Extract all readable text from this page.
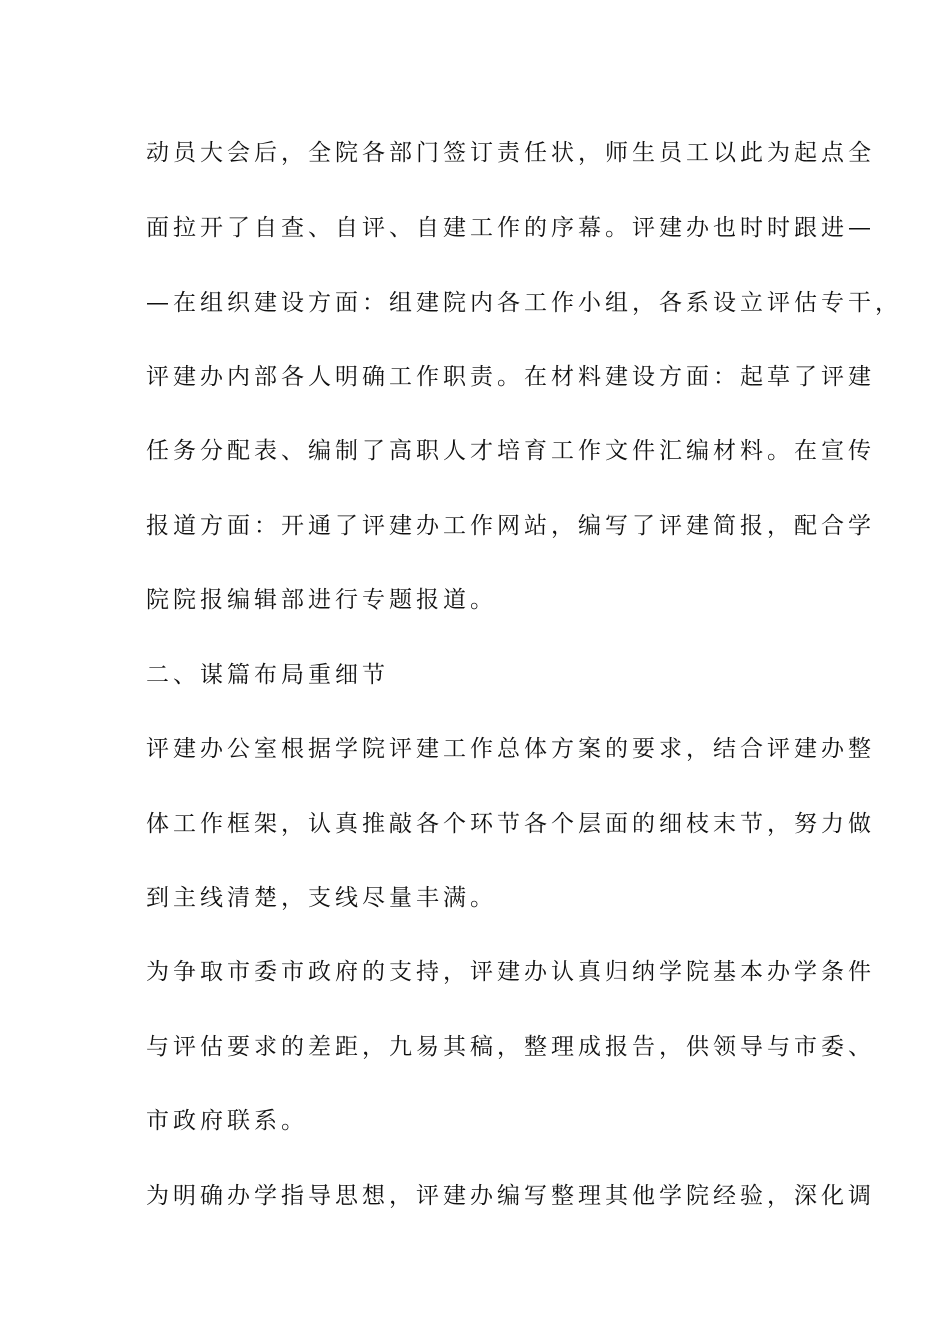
动员大会后，全院各部门签订责任状，师生员工以此为起点全
面拉开了自查、自评、自建工作的序幕。评建办也时时跟进—
—在组织建设方面：组建院内各工作小组，各系设立评估专干，
评建办内部各人明确工作职责。在材料建设方面：起草了评建
任务分配表、编制了高职人才培育工作文件汇编材料。在宣传
报道方面：开通了评建办工作网站，编写了评建简报，配合学
院院报编辑部进行专题报道。
二、谋篇布局重细节
评建办公室根据学院评建工作总体方案的要求，结合评建办整
体工作框架，认真推敲各个环节各个层面的细枝末节，努力做
到主线清楚，支线尽量丰满。
为争取市委市政府的支持，评建办认真归纳学院基本办学条件
与评估要求的差距，九易其稿，整理成报告，供领导与市委、
市政府联系。
为明确办学指导思想，评建办编写整理其他学院经验，深化调
